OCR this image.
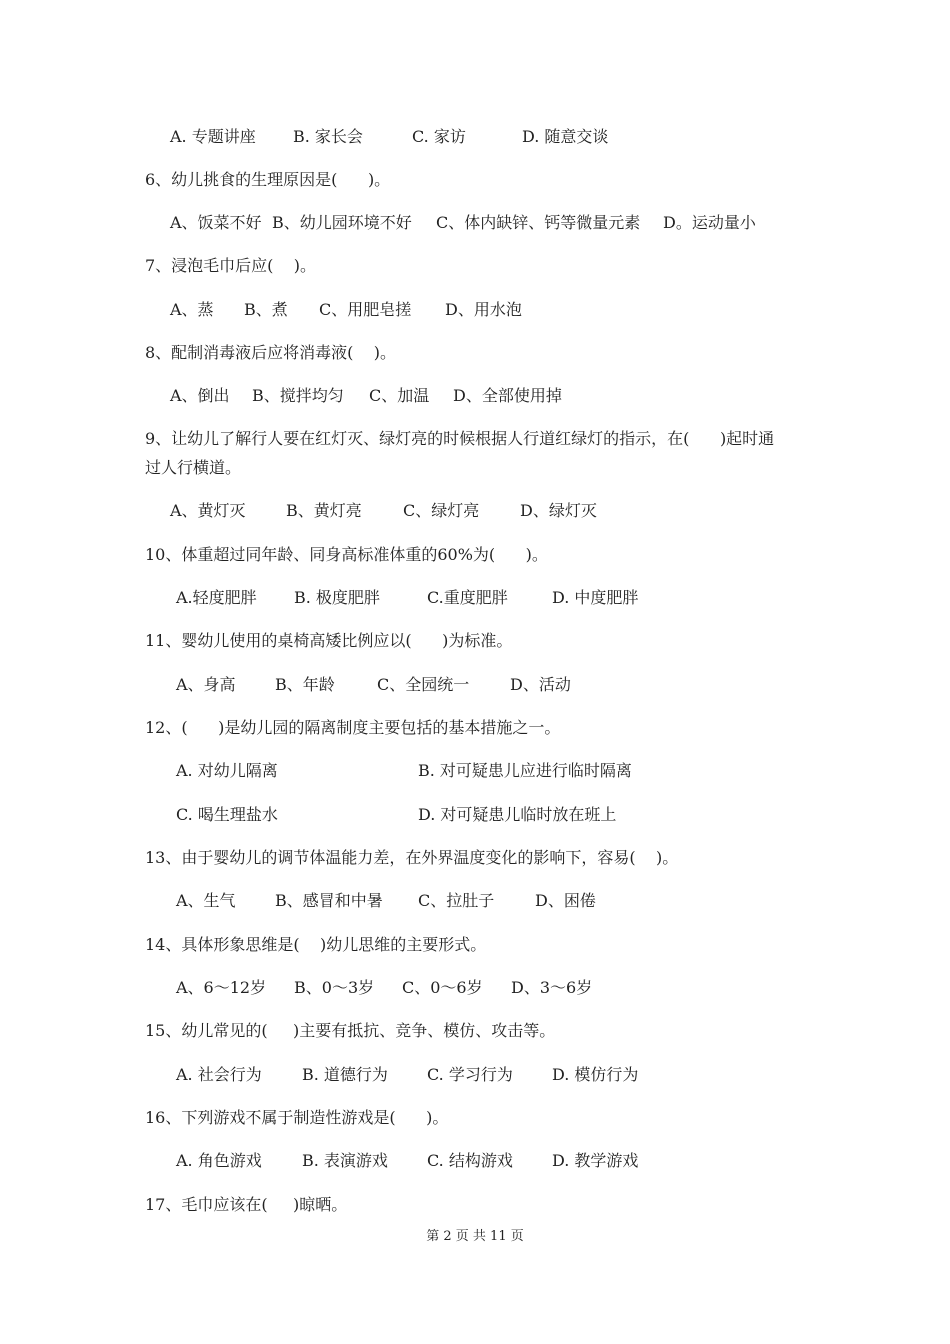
A. 专题讲座

B. 家长会

	C. 家访

	D. 随意交谈

6、幼儿挑食的生理原因是(      )。

A、饭菜不好

B、幼儿园环境不好

C、体内缺锌、钙等微量元素

D。运动量小

7、浸泡毛巾后应(    )。

A、蒸

B、煮

C、用肥皂搓

D、用水泡

8、配制消毒液后应将消毒液(    )。

A、倒出

B、搅拌均匀

C、加温

D、全部使用掉

9、让幼儿了解行人要在红灯灭、绿灯亮的时候根据人行道红绿灯的指示，在(      )起时通
过人行横道。

A、黄灯灭

	B、黄灯亮

	C、绿灯亮

	D、绿灯灭

10、体重超过同年龄、同身高标准体重的60%为(      )。

A.轻度肥胖

B. 极度肥胖

	C.重度肥胖

	D. 中度肥胖

11、婴幼儿使用的桌椅高矮比例应以(      )为标准。

A、身高

B、年龄

	C、全园统一

	D、活动

12、(      )是幼儿园的隔离制度主要包括的基本措施之一。

A. 对幼儿隔离

	B. 对可疑患儿应进行临时隔离

C. 喝生理盐水

	D. 对可疑患儿临时放在班上

13、由于婴幼儿的调节体温能力差，在外界温度变化的影响下，容易(    )。

A、生气

B、感冒和中暑

C、拉肚子

	D、困倦

14、具体形象思维是(    )幼儿思维的主要形式。

A、6～12岁

B、0～3岁

C、0～6岁

D、3～6岁

15、幼儿常见的(     )主要有抵抗、竞争、模仿、攻击等。

A. 社会行为

	B. 道德行为

C. 学习行为

D. 模仿行为

16、下列游戏不属于制造性游戏是(      )。

A. 角色游戏

	B. 表演游戏

C. 结构游戏

D. 教学游戏

17、毛巾应该在(     )晾晒。
第 2 页 共 11 页
